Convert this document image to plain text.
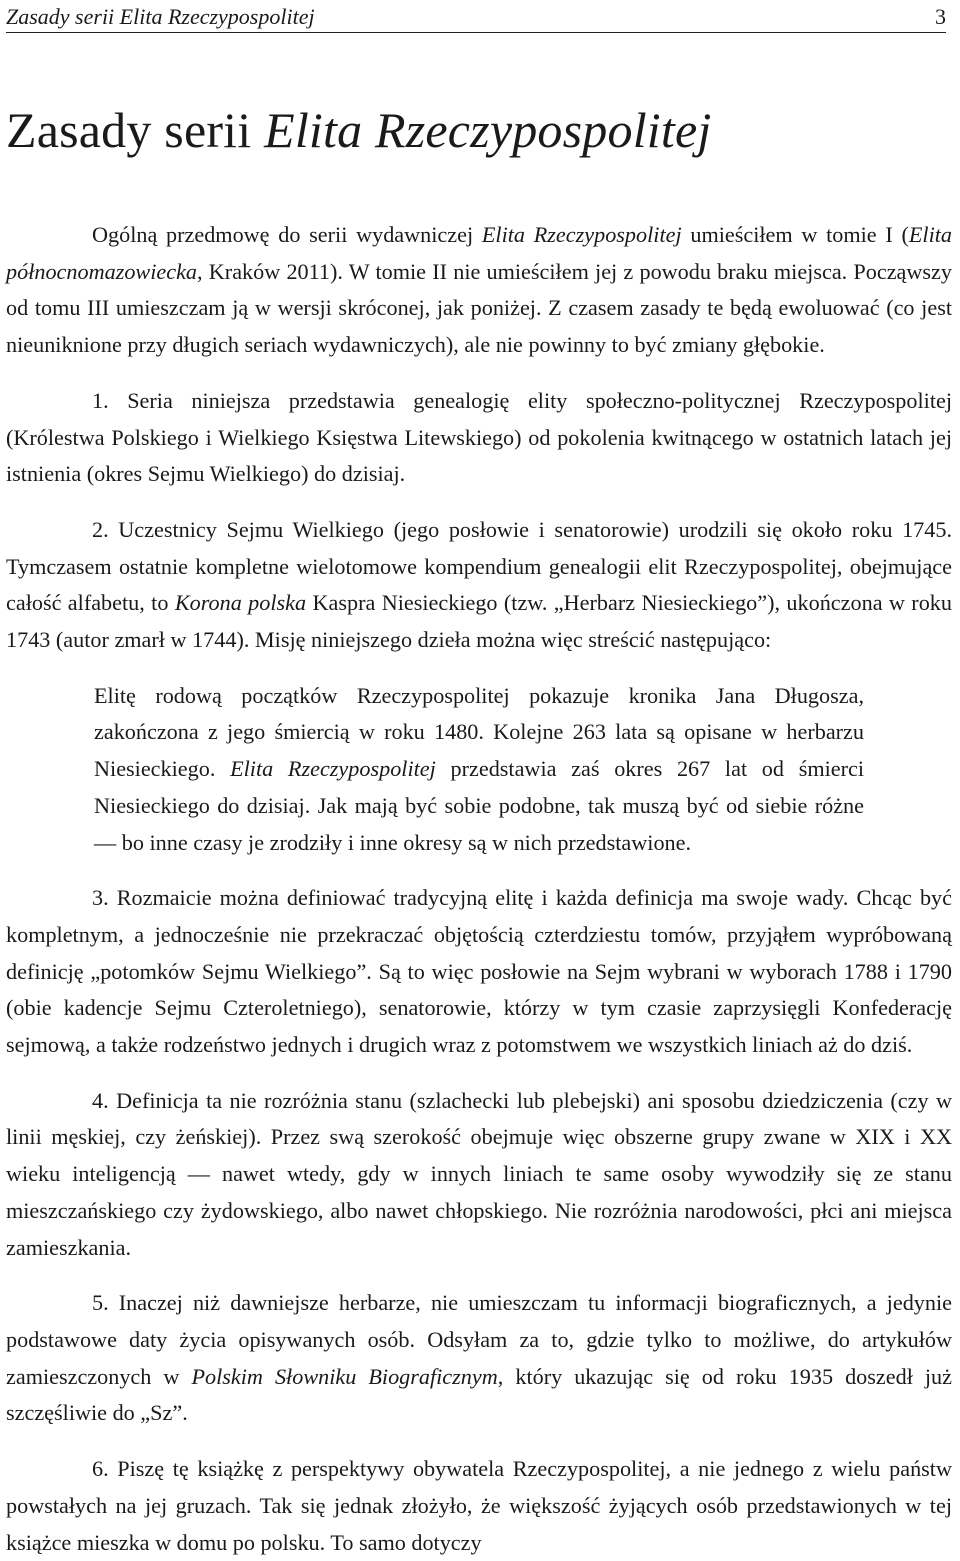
Zasady serii Elita Rzeczypospolitej	3
Zasady serii Elita Rzeczypospolitej

Ogólną przedmowę do serii wydawniczej Elita Rzeczypospolitej umieściłem w tomie I (Elita północnomazowiecka, Kraków 2011). W tomie II nie umieściłem jej z powodu braku miejsca. Począwszy od tomu III umieszczam ją w wersji skróconej, jak poniżej. Z czasem zasady te będą ewoluować (co jest nieuniknione przy długich seriach wydawniczych), ale nie powinny to być zmiany głębokie.

1. Seria niniejsza przedstawia genealogię elity społeczno-politycznej Rzeczypospolitej (Królestwa Polskiego i Wielkiego Księstwa Litewskiego) od pokolenia kwitnącego w ostatnich latach jej istnienia (okres Sejmu Wielkiego) do dzisiaj.

2. Uczestnicy Sejmu Wielkiego (jego posłowie i senatorowie) urodzili się około roku 1745. Tymczasem ostatnie kompletne wielotomowe kompendium genealogii elit Rzeczypospolitej, obejmujące całość alfabetu, to Korona polska Kaspra Niesieckiego (tzw. „Herbarz Niesieckiego”), ukończona w roku 1743 (autor zmarł w 1744). Misję niniejszego dzieła można więc streścić następująco:

Elitę rodową początków Rzeczypospolitej pokazuje kronika Jana Długosza, zakończona z jego śmiercią w roku 1480. Kolejne 263 lata są opisane w herbarzu Niesieckiego. Elita Rzeczypospolitej przedstawia zaś okres 267 lat od śmierci Niesieckiego do dzisiaj. Jak mają być sobie podobne, tak muszą być od siebie różne — bo inne czasy je zrodziły i inne okresy są w nich przedstawione.

3. Rozmaicie można definiować tradycyjną elitę i każda definicja ma swoje wady. Chcąc być kompletnym, a jednocześnie nie przekraczać objętością czterdziestu tomów, przyjąłem wypróbowaną definicję „potomków Sejmu Wielkiego”. Są to więc posłowie na Sejm wybrani w wyborach 1788 i 1790 (obie kadencje Sejmu Czteroletniego), senatorowie, którzy w tym czasie zaprzysięgli Konfederację sejmową, a także rodzeństwo jednych i drugich wraz z potomstwem we wszystkich liniach aż do dziś.

4. Definicja ta nie rozróżnia stanu (szlachecki lub plebejski) ani sposobu dziedziczenia (czy w linii męskiej, czy żeńskiej). Przez swą szerokość obejmuje więc obszerne grupy zwane w XIX i XX wieku inteligencją — nawet wtedy, gdy w innych liniach te same osoby wywodziły się ze stanu mieszczańskiego czy żydowskiego, albo nawet chłopskiego. Nie rozróżnia narodowości, płci ani miejsca zamieszkania.

5. Inaczej niż dawniejsze herbarze, nie umieszczam tu informacji biograficznych, a jedynie podstawowe daty życia opisywanych osób. Odsyłam za to, gdzie tylko to możliwe, do artykułów zamieszczonych w Polskim Słowniku Biograficznym, który ukazując się od roku 1935 doszedł już szczęśliwie do „Sz”.

6. Piszę tę książkę z perspektywy obywatela Rzeczypospolitej, a nie jednego z wielu państw powstałych na jej gruzach. Tak się jednak złożyło, że większość żyjących osób przedstawionych w tej książce mieszka w domu po polsku. To samo dotyczy
